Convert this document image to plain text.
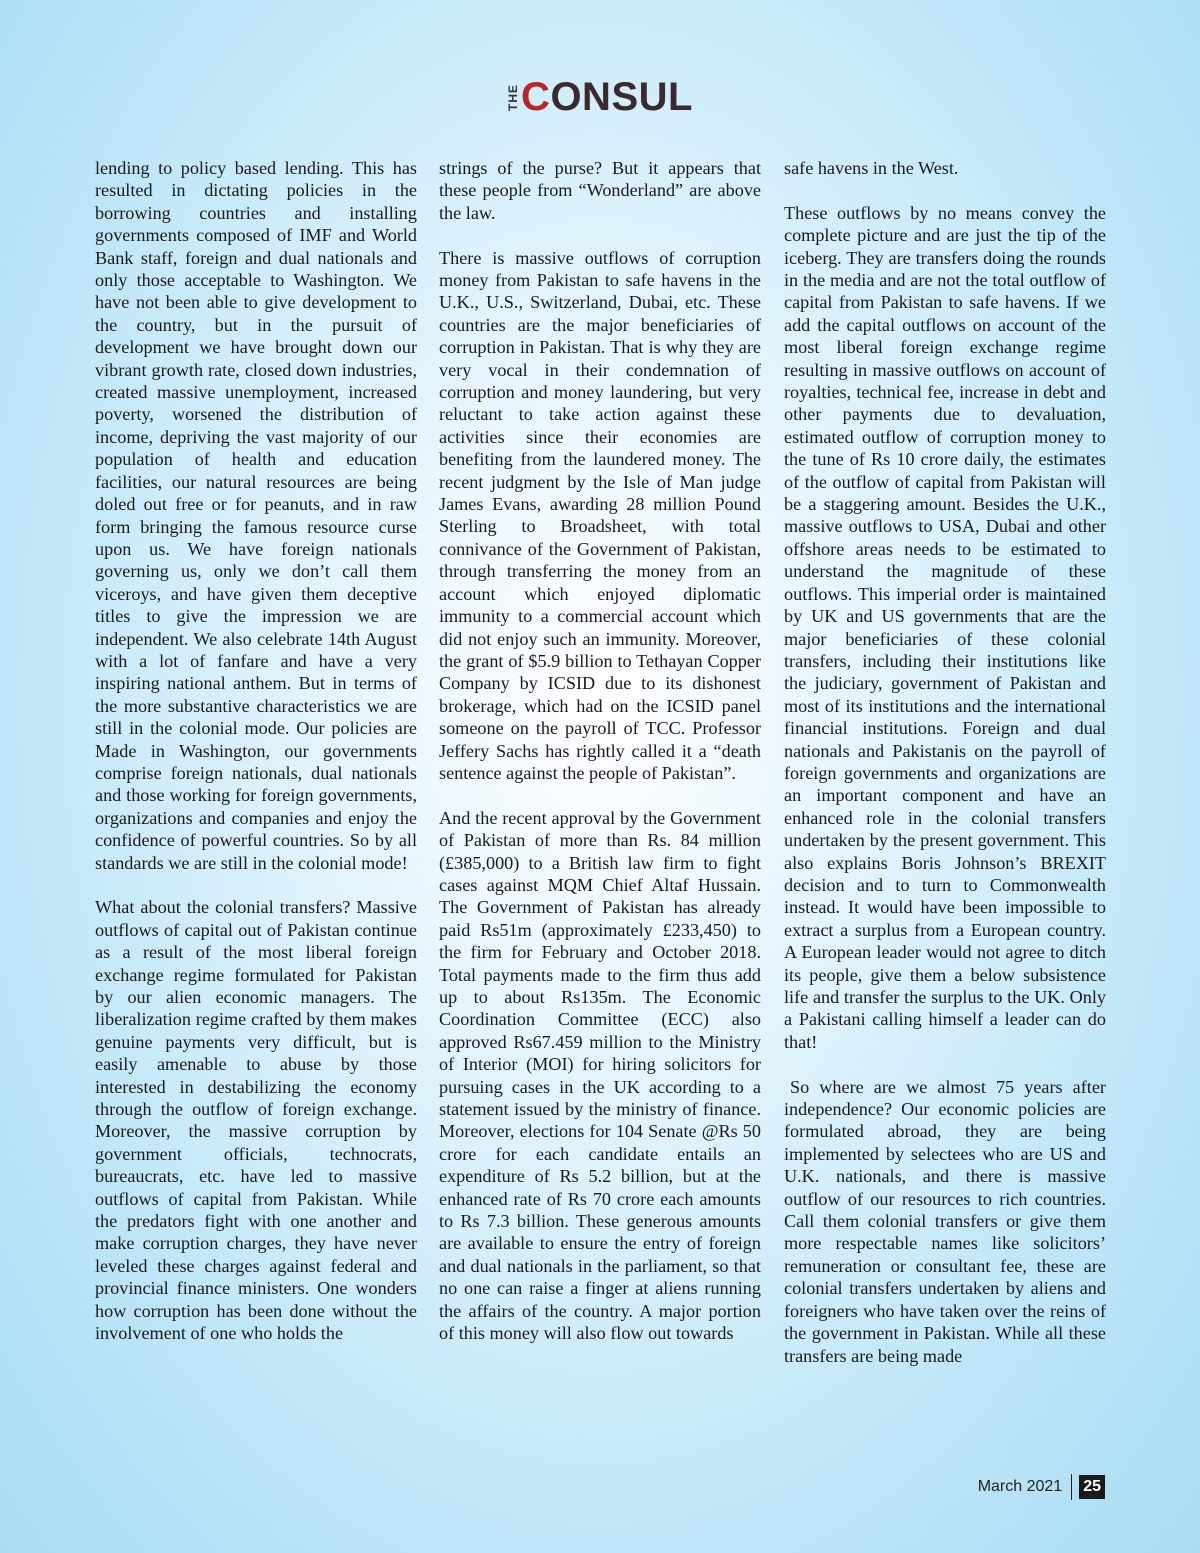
THE CONSUL

lending to policy based lending. This has resulted in dictating policies in the borrowing countries and installing governments composed of IMF and World Bank staff, foreign and dual nationals and only those acceptable to Washington. We have not been able to give development to the country, but in the pursuit of development we have brought down our vibrant growth rate, closed down industries, created massive unemployment, increased poverty, worsened the distribution of income, depriving the vast majority of our population of health and education facilities, our natural resources are being doled out free or for peanuts, and in raw form bringing the famous resource curse upon us. We have foreign nationals governing us, only we don’t call them viceroys, and have given them deceptive titles to give the impression we are independent. We also celebrate 14th August with a lot of fanfare and have a very inspiring national anthem. But in terms of the more substantive characteristics we are still in the colonial mode. Our policies are Made in Washington, our governments comprise foreign nationals, dual nationals and those working for foreign governments, organizations and companies and enjoy the confidence of powerful countries. So by all standards we are still in the colonial mode!

What about the colonial transfers? Massive outflows of capital out of Pakistan continue as a result of the most liberal foreign exchange regime formulated for Pakistan by our alien economic managers. The liberalization regime crafted by them makes genuine payments very difficult, but is easily amenable to abuse by those interested in destabilizing the economy through the outflow of foreign exchange. Moreover, the massive corruption by government officials, technocrats, bureaucrats, etc. have led to massive outflows of capital from Pakistan. While the predators fight with one another and make corruption charges, they have never leveled these charges against federal and provincial finance ministers. One wonders how corruption has been done without the involvement of one who holds the

strings of the purse? But it appears that these people from “Wonderland” are above the law.

There is massive outflows of corruption money from Pakistan to safe havens in the U.K., U.S., Switzerland, Dubai, etc. These countries are the major beneficiaries of corruption in Pakistan. That is why they are very vocal in their condemnation of corruption and money laundering, but very reluctant to take action against these activities since their economies are benefiting from the laundered money. The recent judgment by the Isle of Man judge James Evans, awarding 28 million Pound Sterling to Broadsheet, with total connivance of the Government of Pakistan, through transferring the money from an account which enjoyed diplomatic immunity to a commercial account which did not enjoy such an immunity. Moreover, the grant of $5.9 billion to Tethayan Copper Company by ICSID due to its dishonest brokerage, which had on the ICSID panel someone on the payroll of TCC. Professor Jeffery Sachs has rightly called it a “death sentence against the people of Pakistan”.

And the recent approval by the Government of Pakistan of more than Rs. 84 million (£385,000) to a British law firm to fight cases against MQM Chief Altaf Hussain. The Government of Pakistan has already paid Rs51m (approximately £233,450) to the firm for February and October 2018. Total payments made to the firm thus add up to about Rs135m. The Economic Coordination Committee (ECC) also approved Rs67.459 million to the Ministry of Interior (MOI) for hiring solicitors for pursuing cases in the UK according to a statement issued by the ministry of finance. Moreover, elections for 104 Senate @Rs 50 crore for each candidate entails an expenditure of Rs 5.2 billion, but at the enhanced rate of Rs 70 crore each amounts to Rs 7.3 billion. These generous amounts are available to ensure the entry of foreign and dual nationals in the parliament, so that no one can raise a finger at aliens running the affairs of the country. A major portion of this money will also flow out towards

safe havens in the West.

These outflows by no means convey the complete picture and are just the tip of the iceberg. They are transfers doing the rounds in the media and are not the total outflow of capital from Pakistan to safe havens. If we add the capital outflows on account of the most liberal foreign exchange regime resulting in massive outflows on account of royalties, technical fee, increase in debt and other payments due to devaluation, estimated outflow of corruption money to the tune of Rs 10 crore daily, the estimates of the outflow of capital from Pakistan will be a staggering amount. Besides the U.K., massive outflows to USA, Dubai and other offshore areas needs to be estimated to understand the magnitude of these outflows. This imperial order is maintained by UK and US governments that are the major beneficiaries of these colonial transfers, including their institutions like the judiciary, government of Pakistan and most of its institutions and the international financial institutions. Foreign and dual nationals and Pakistanis on the payroll of foreign governments and organizations are an important component and have an enhanced role in the colonial transfers undertaken by the present government. This also explains Boris Johnson’s BREXIT decision and to turn to Commonwealth instead. It would have been impossible to extract a surplus from a European country. A European leader would not agree to ditch its people, give them a below subsistence life and transfer the surplus to the UK. Only a Pakistani calling himself a leader can do that!

So where are we almost 75 years after independence? Our economic policies are formulated abroad, they are being implemented by selectees who are US and U.K. nationals, and there is massive outflow of our resources to rich countries. Call them colonial transfers or give them more respectable names like solicitors’ remuneration or consultant fee, these are colonial transfers undertaken by aliens and foreigners who have taken over the reins of the government in Pakistan. While all these transfers are being made

March 2021 25
